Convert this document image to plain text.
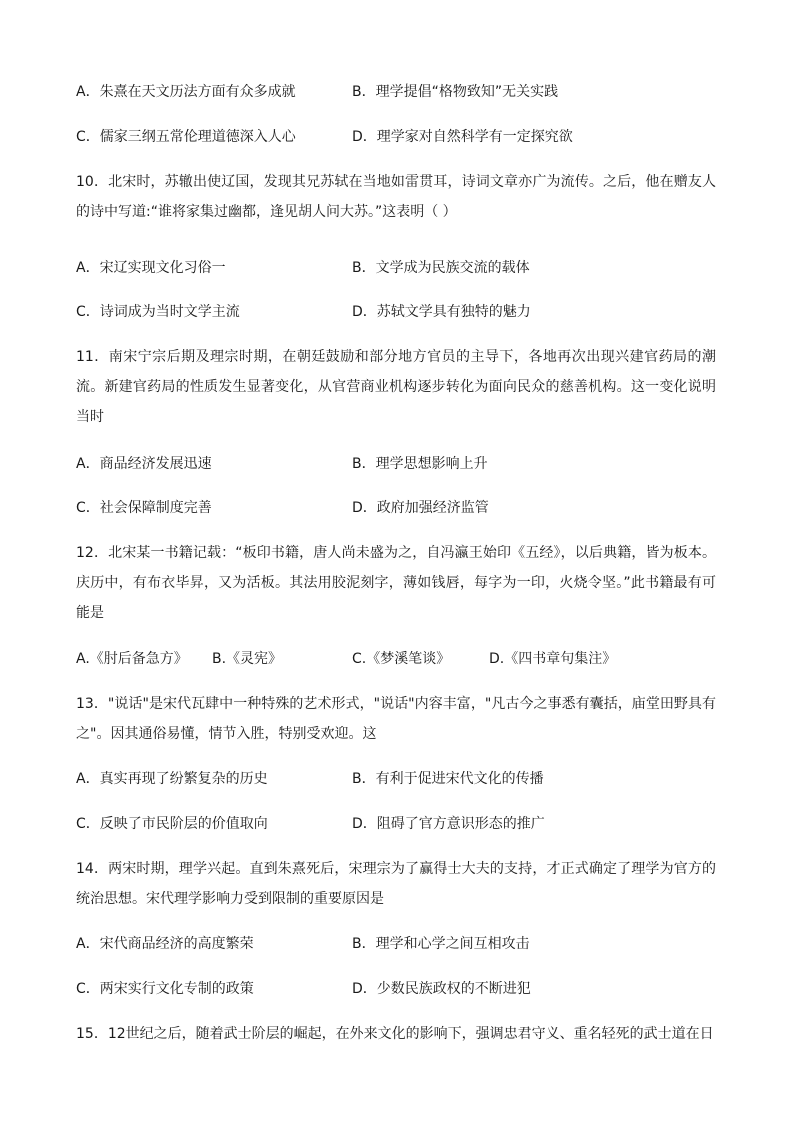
A．朱熹在天文历法方面有众多成就	B．理学提倡“格物致知”无关实践
C．儒家三纲五常伦理道德深入人心	D．理学家对自然科学有一定探究欲
10．北宋时，苏辙出使辽国，发现其兄苏轼在当地如雷贯耳，诗词文章亦广为流传。之后，他在赠友人的诗中写道:“谁将家集过幽都，逢见胡人问大苏。”这表明（ ）
A．宋辽实现文化习俗一	B．文学成为民族交流的载体
C．诗词成为当时文学主流	D．苏轼文学具有独特的魅力
11．南宋宁宗后期及理宗时期，在朝廷鼓励和部分地方官员的主导下，各地再次出现兴建官药局的潮流。新建官药局的性质发生显著变化，从官营商业机构逐步转化为面向民众的慈善机构。这一变化说明当时
A．商品经济发展迅速	B．理学思想影响上升
C．社会保障制度完善	D．政府加强经济监管
12．北宋某一书籍记载：“板印书籍，唐人尚未盛为之，自冯瀛王始印《五经》，以后典籍，皆为板本。庆历中，有布衣毕昇，又为活板。其法用胶泥刻字，薄如钱唇，每字为一印，火烧令坚。”此书籍最有可能是
A.《肘后备急方》 B.《灵宪》	C.《梦溪笔谈》	D.《四书章句集注》
13．"说话"是宋代瓦肆中一种特殊的艺术形式，"说话"内容丰富，"凡古今之事悉有囊括，庙堂田野具有之"。因其通俗易懂，情节入胜，特别受欢迎。这
A．真实再现了纷繁复杂的历史	B．有利于促进宋代文化的传播
C．反映了市民阶层的价值取向	D．阻碍了官方意识形态的推广
14．两宋时期，理学兴起。直到朱熹死后，宋理宗为了赢得士大夫的支持，才正式确定了理学为官方的统治思想。宋代理学影响力受到限制的重要原因是
A．宋代商品经济的高度繁荣	B．理学和心学之间互相攻击
C．两宋实行文化专制的政策	D．少数民族政权的不断进犯
15．12世纪之后，随着武士阶层的崛起，在外来文化的影响下，强调忠君守义、重名轻死的武士道在日
